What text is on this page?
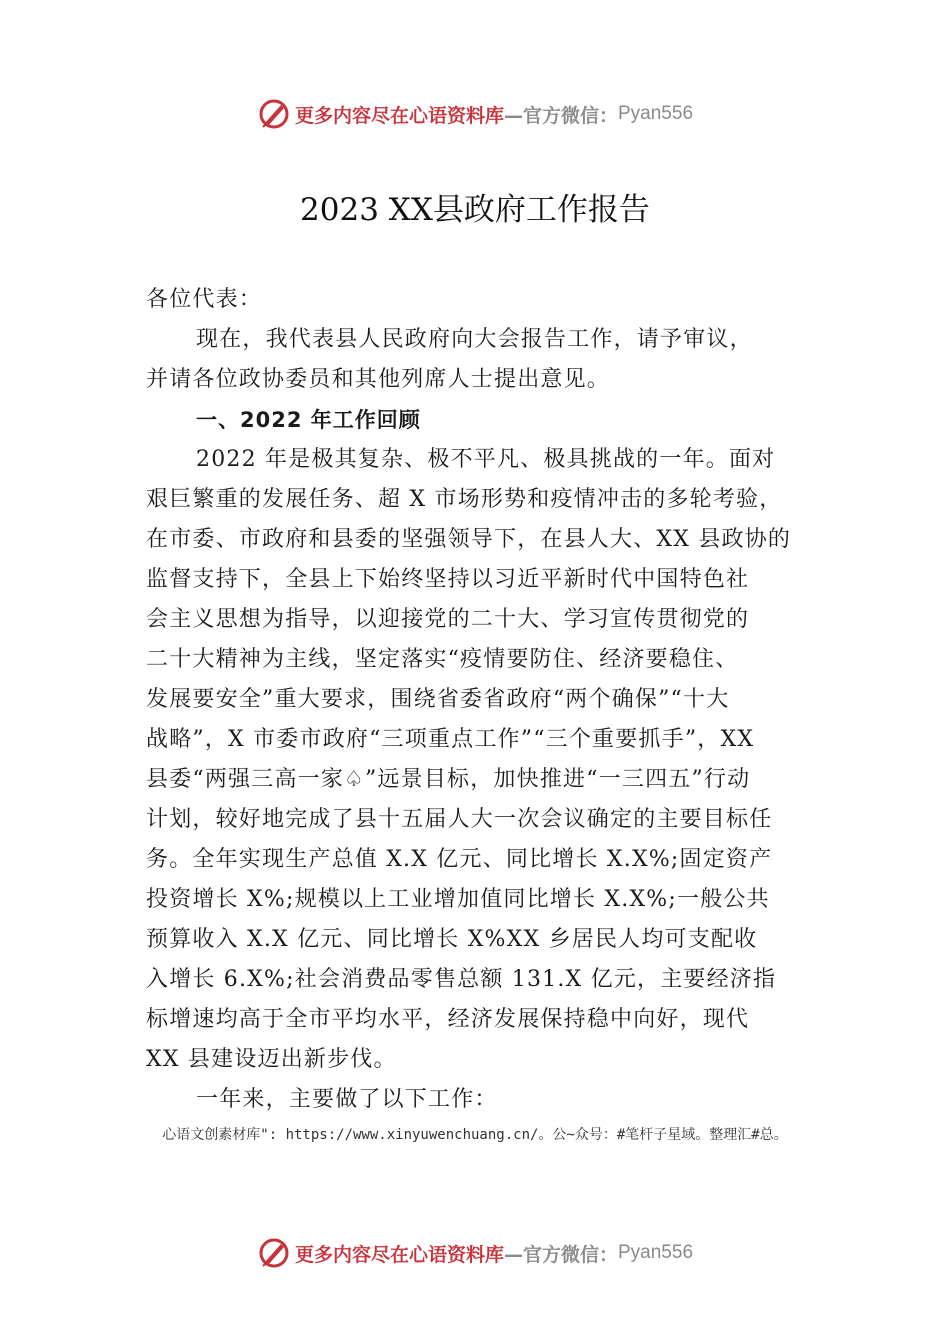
更多内容尽在心语资料库 —官方微信： Pyan556
2023 XX县政府工作报告
各位代表：
现在，我代表县人民政府向大会报告工作，请予审议，
并请各位政协委员和其他列席人士提出意见。
一、2022 年工作回顾
2022 年是极其复杂、极不平凡、极具挑战的一年。面对
艰巨繁重的发展任务、超 X 市场形势和疫情冲击的多轮考验，
在市委、市政府和县委的坚强领导下，在县人大、XX 县政协的
监督支持下，全县上下始终坚持以习近平新时代中国特色社
会主义思想为指导，以迎接党的二十大、学习宣传贯彻党的
二十大精神为主线，坚定落实“疫情要防住、经济要稳住、
发展要安全”重大要求，围绕省委省政府“两个确保”“十大
战略”，X 市委市政府“三项重点工作”“三个重要抓手”，XX
县委“两强三高一家♤”远景目标，加快推进“一三四五”行动
计划，较好地完成了县十五届人大一次会议确定的主要目标任
务。全年实现生产总值 X.X 亿元、同比增长 X.X%;固定资产
投资增长 X%;规模以上工业增加值同比增长 X.X%;一般公共
预算收入 X.X 亿元、同比增长 X%XX 乡居民人均可支配收
入增长 6.X%;社会消费品零售总额 131.X 亿元，主要经济指
标增速均高于全市平均水平，经济发展保持稳中向好，现代
XX 县建设迈出新步伐。
一年来，主要做了以下工作：
心语文创素材库": https://www.xinyuwenchuang.cn/。公~众号：#笔杆子星域。整理汇#总。
更多内容尽在心语资料库 —官方微信： Pyan556
